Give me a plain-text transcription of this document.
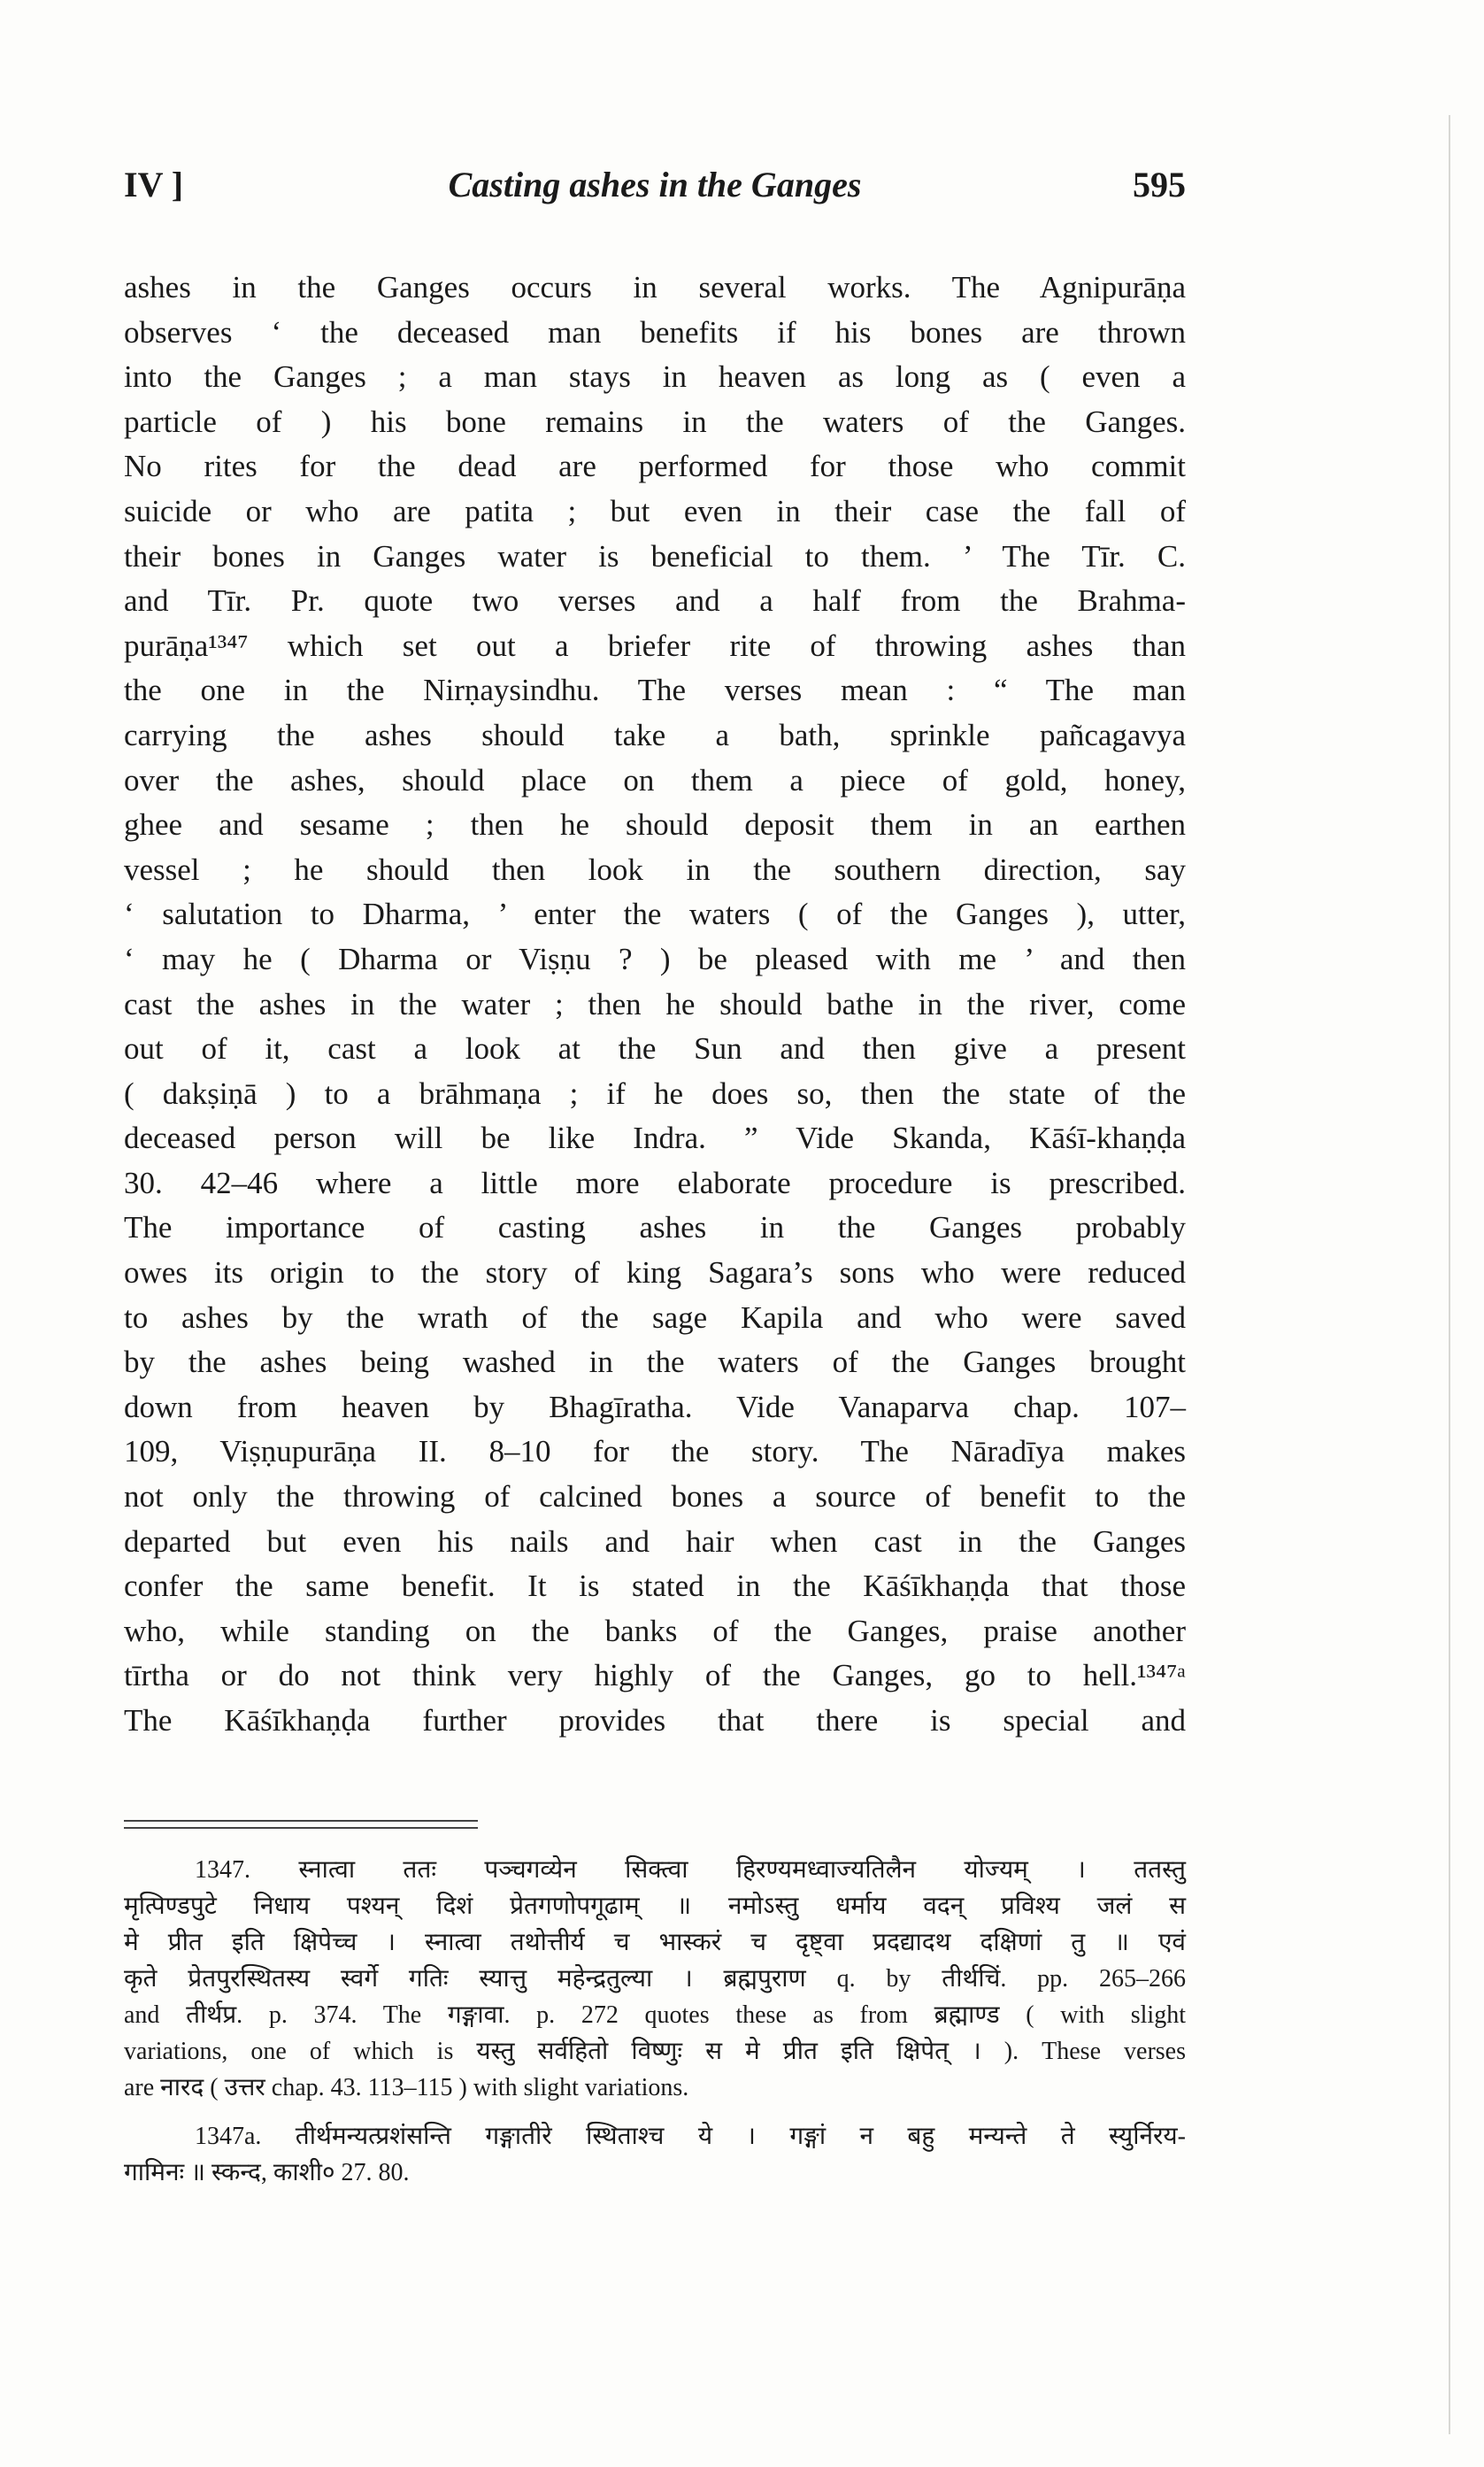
IV ]	Casting ashes in the Ganges	595
ashes in the Ganges occurs in several works. The Agnipurāṇa
observes ‘ the deceased man benefits if his bones are thrown
into the Ganges ; a man stays in heaven as long as ( even a
particle of ) his bone remains in the waters of the Ganges.
No rites for the dead are performed for those who commit
suicide or who are patita ; but even in their case the fall of
their bones in Ganges water is beneficial to them. ’ The Tīr. C.
and Tīr. Pr. quote two verses and a half from the Brahma-
purāṇa¹³⁴⁷ which set out a briefer rite of throwing ashes than
the one in the Nirṇaysindhu. The verses mean : “ The man
carrying the ashes should take a bath, sprinkle pañcagavya
over the ashes, should place on them a piece of gold, honey,
ghee and sesame ; then he should deposit them in an earthen
vessel ; he should then look in the southern direction, say
‘ salutation to Dharma, ’ enter the waters ( of the Ganges ), utter,
‘ may he ( Dharma or Viṣṇu ? ) be pleased with me ’ and then
cast the ashes in the water ; then he should bathe in the river, come
out of it, cast a look at the Sun and then give a present
( dakṣiṇā ) to a brāhmaṇa ; if he does so, then the state of the
deceased person will be like Indra. ” Vide Skanda, Kāśī-khaṇḍa
30. 42–46 where a little more elaborate procedure is prescribed.
The importance of casting ashes in the Ganges probably
owes its origin to the story of king Sagara’s sons who were reduced
to ashes by the wrath of the sage Kapila and who were saved
by the ashes being washed in the waters of the Ganges brought
down from heaven by Bhagīratha. Vide Vanaparva chap. 107–
109, Viṣṇupurāṇa II. 8–10 for the story. The Nāradīya makes
not only the throwing of calcined bones a source of benefit to the
departed but even his nails and hair when cast in the Ganges
confer the same benefit. It is stated in the Kāśīkhaṇḍa that those
who, while standing on the banks of the Ganges, praise another
tīrtha or do not think very highly of the Ganges, go to hell.¹³⁴⁷ᵃ
The Kāśīkhaṇḍa further provides that there is special and
1347. स्नात्वा ततः पञ्चगव्येन सिक्त्वा हिरण्यमध्वाज्यतिलैन योज्यम् । ततस्तु
मृत्पिण्डपुटे निधाय पश्यन् दिशं प्रेतगणोपगूढाम् ॥ नमोऽस्तु धर्माय वदन् प्रविश्य जलं स
मे प्रीत इति क्षिपेच्च । स्नात्वा तथोत्तीर्य च भास्करं च दृष्ट्वा प्रदद्यादथ दक्षिणां तु ॥ एवं
कृते प्रेतपुरस्थितस्य स्वर्गे गतिः स्यात्तु महेन्द्रतुल्या । ब्रह्मपुराण q. by तीर्थचिं. pp. 265–266
and तीर्थप्र. p. 374. The गङ्गावा. p. 272 quotes these as from ब्रह्माण्ड ( with slight
variations, one of which is यस्तु सर्वहितो विष्णुः स मे प्रीत इति क्षिपेत् । ). These verses
are नारद ( उत्तर chap. 43. 113–115 ) with slight variations.
1347a. तीर्थमन्यत्प्रशंसन्ति गङ्गातीरे स्थिताश्च ये । गङ्गां न बहु मन्यन्ते ते स्युर्निरय-
गामिनः ॥ स्कन्द, काशी० 27. 80.
